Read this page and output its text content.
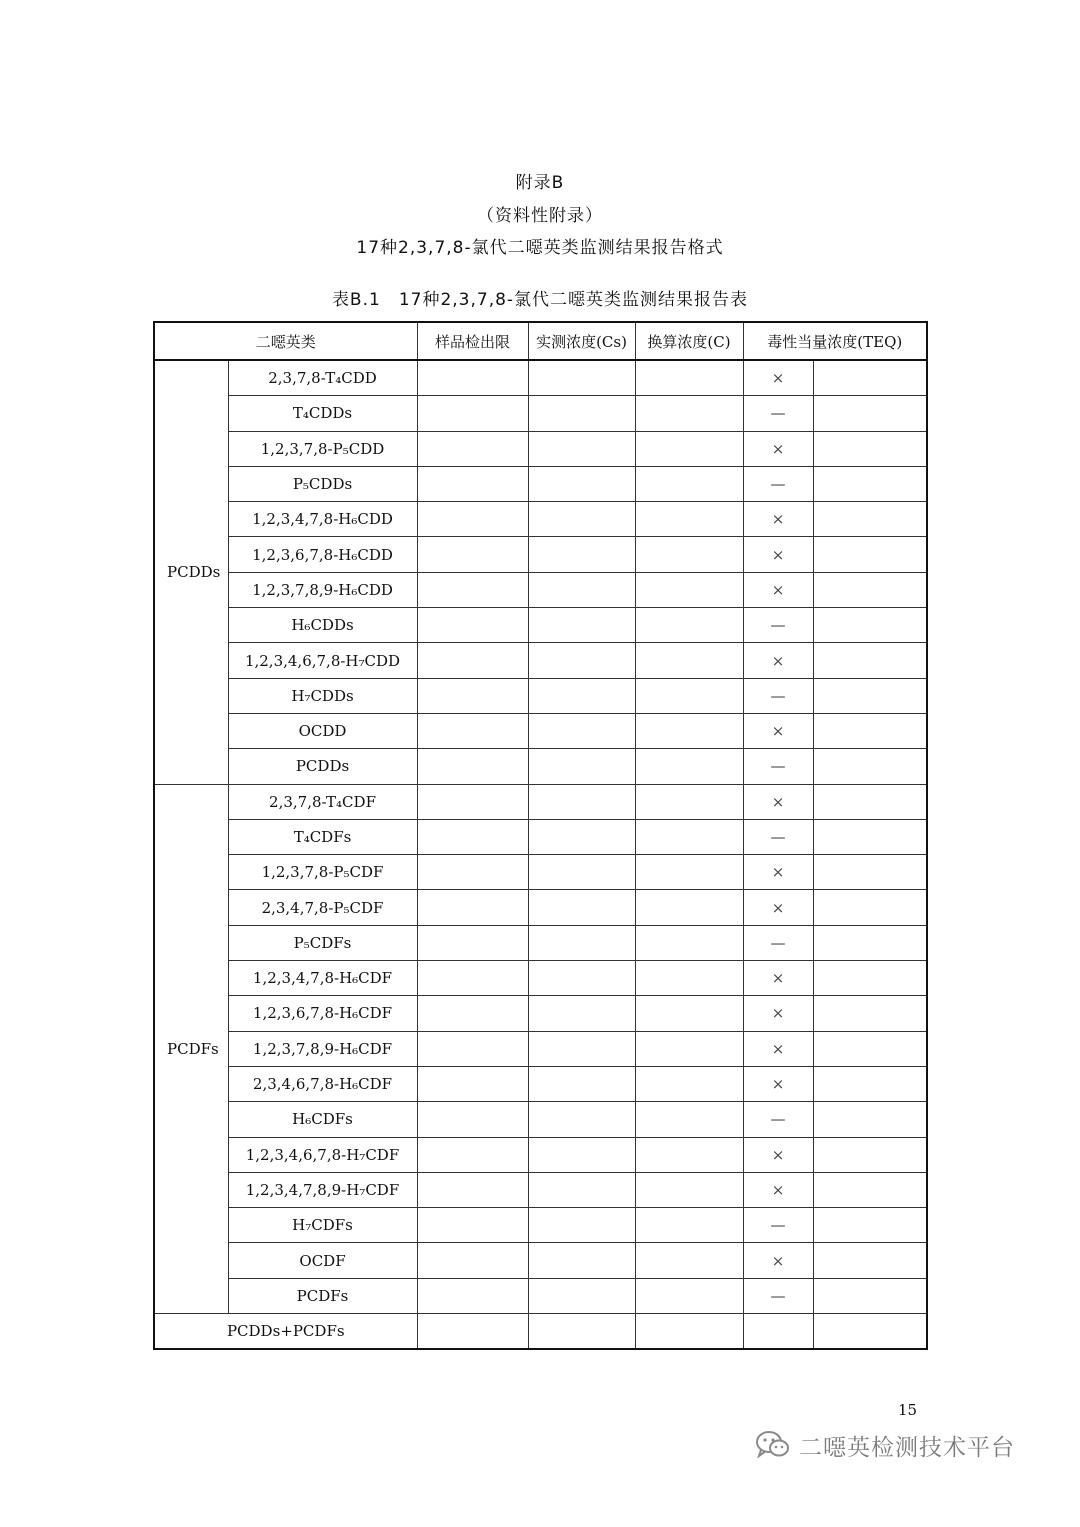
附录B
（资料性附录）
17种2,3,7,8-氯代二噁英类监测结果报告格式
表B.1　17种2,3,7,8-氯代二噁英类监测结果报告表
二噁英类		样品检出限	实测浓度(Cs)	换算浓度(C)	毒性当量浓度(TEQ)	
PCDDs	2,3,7,8-T₄CDD				×	
	T₄CDDs				—	
	1,2,3,7,8-P₅CDD				×	
	P₅CDDs				—	
	1,2,3,4,7,8-H₆CDD				×	
	1,2,3,6,7,8-H₆CDD				×	
	1,2,3,7,8,9-H₆CDD				×	
	H₆CDDs				—	
	1,2,3,4,6,7,8-H₇CDD				×	
	H₇CDDs				—	
	OCDD				×	
	PCDDs				—	
PCDFs	2,3,7,8-T₄CDF				×	
	T₄CDFs				—	
	1,2,3,7,8-P₅CDF				×	
	2,3,4,7,8-P₅CDF				×	
	P₅CDFs				—	
	1,2,3,4,7,8-H₆CDF				×	
	1,2,3,6,7,8-H₆CDF				×	
	1,2,3,7,8,9-H₆CDF				×	
	2,3,4,6,7,8-H₆CDF				×	
	H₆CDFs				—	
	1,2,3,4,6,7,8-H₇CDF				×	
	1,2,3,4,7,8,9-H₇CDF				×	
	H₇CDFs				—	
	OCDF				×	
	PCDFs				—	
PCDDs+PCDFs						
15
二噁英检测技术平台
